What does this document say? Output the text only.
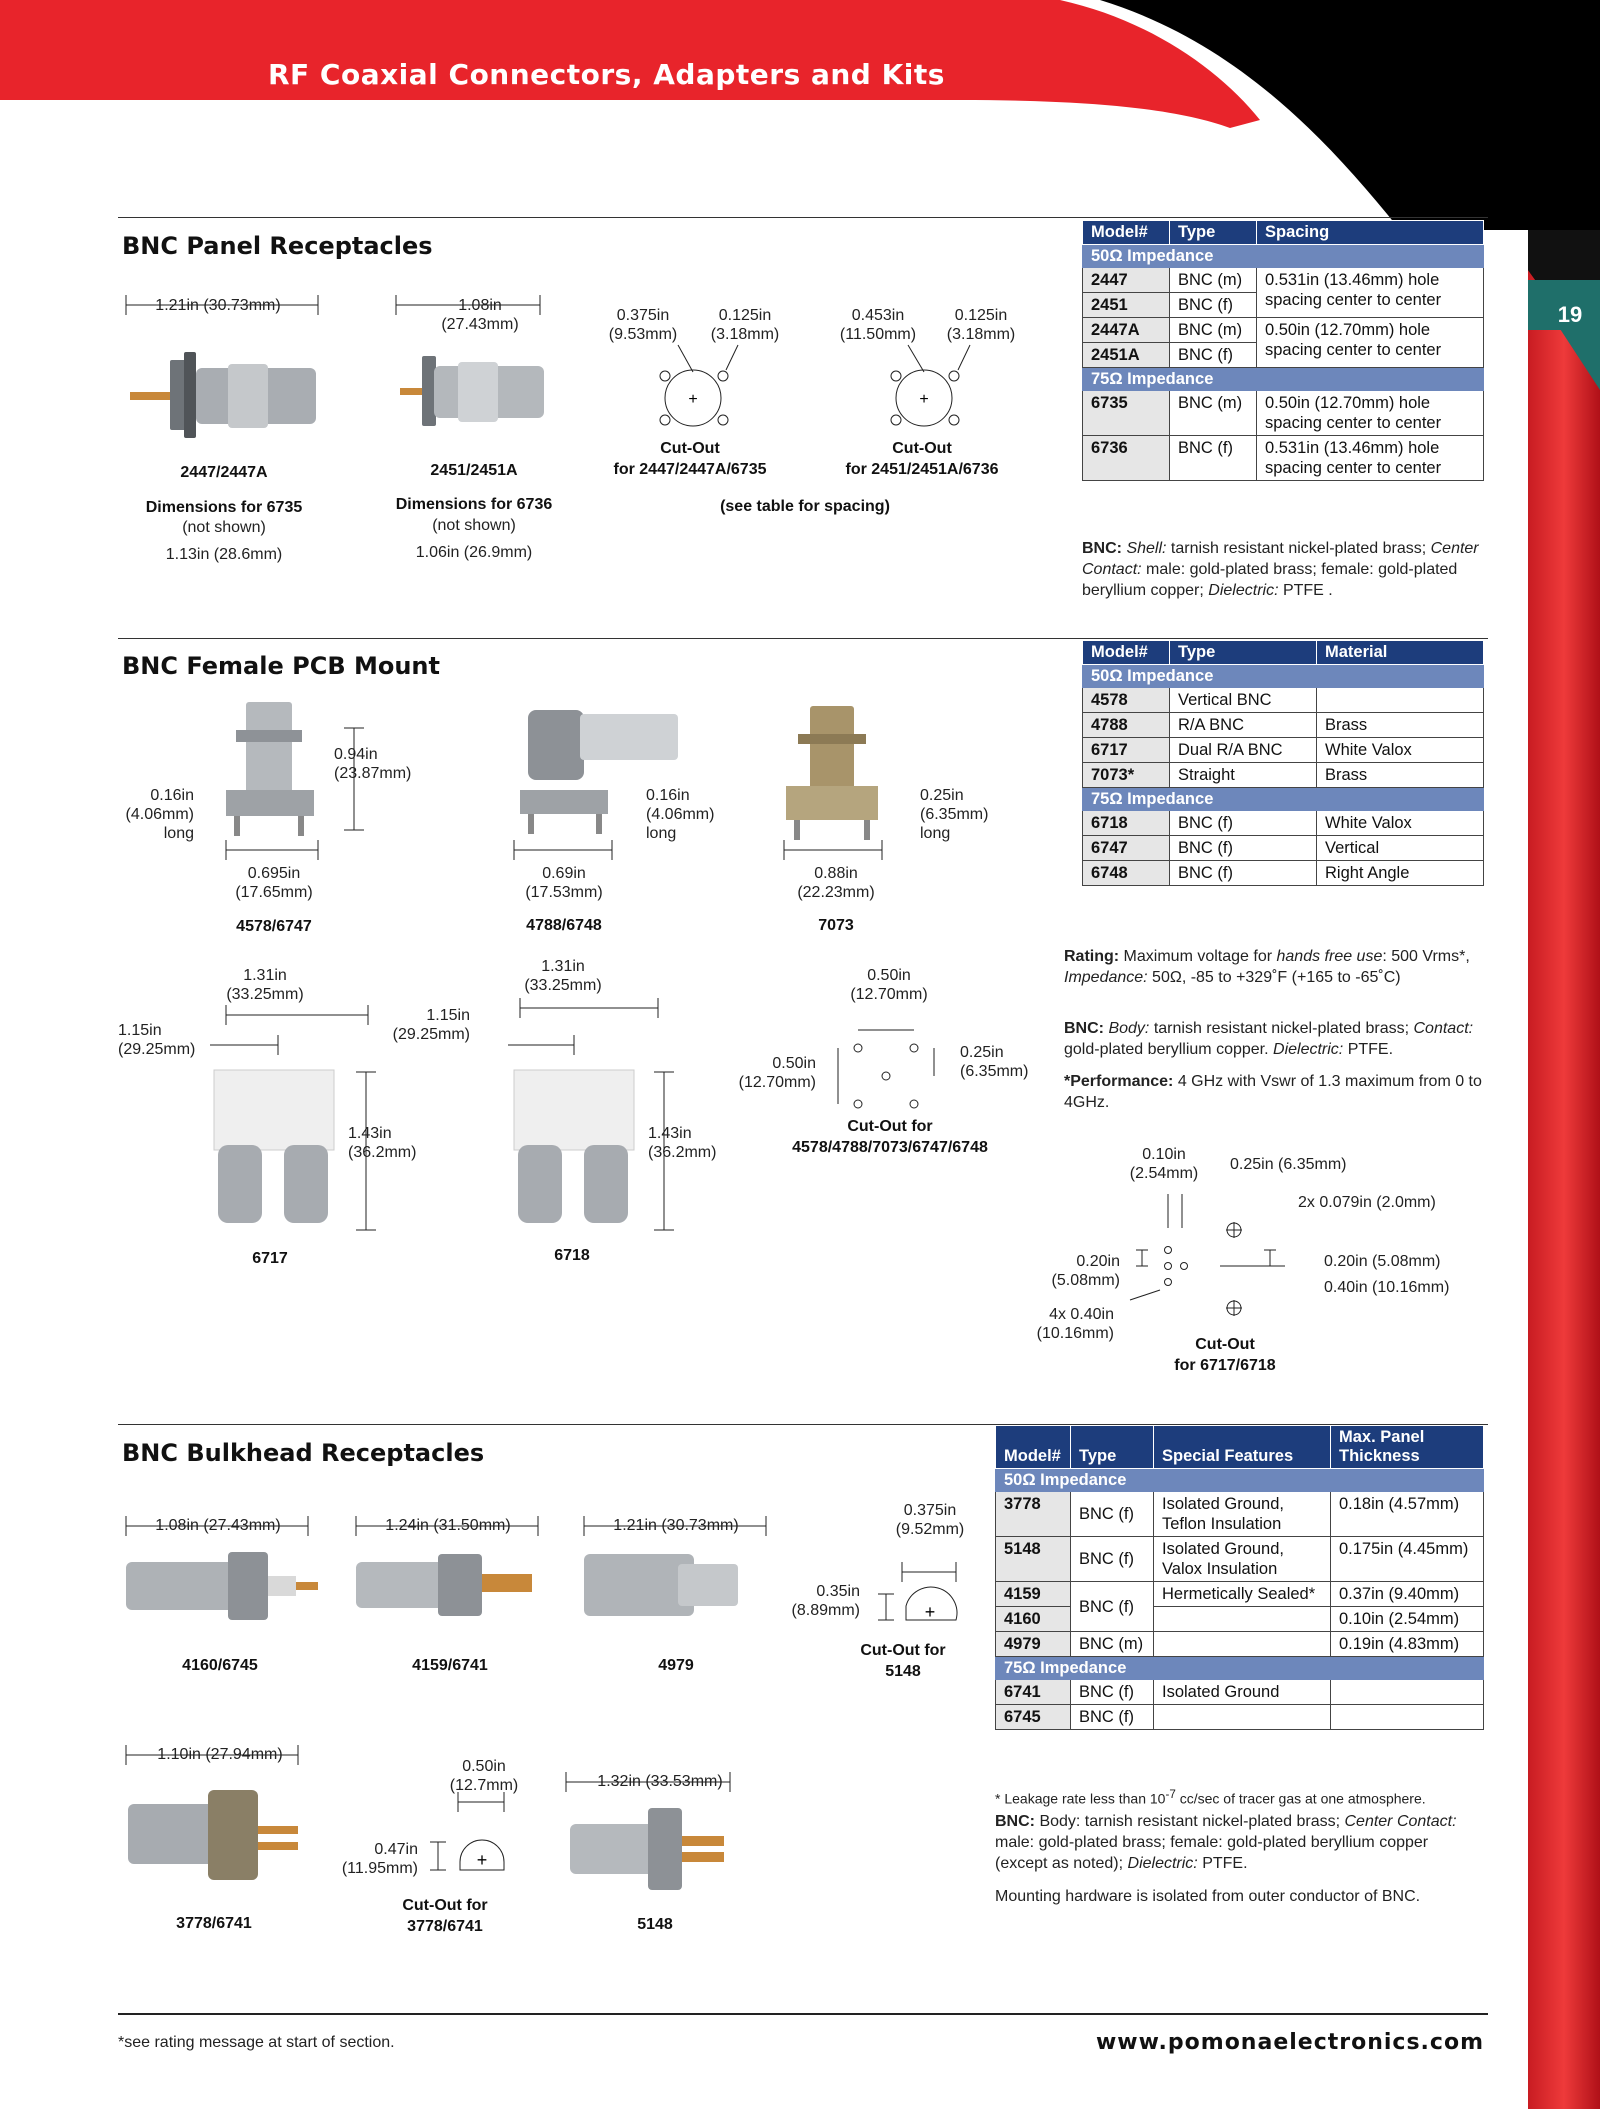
RF Coaxial Connectors, Adapters and Kits
19
BNC Panel Receptacles
+	+
1.21in (30.73mm)	1.08in
(27.43mm)
0.375in
(9.53mm)
0.125in
(3.18mm)
0.453in
(11.50mm)
0.125in
(3.18mm)
2447/2447A
Dimensions for 6735
(not shown)
1.13in (28.6mm)
2451/2451A
Dimensions for 6736
(not shown)
1.06in (26.9mm)
Cut-Out
for 2447/2447A/6735
Cut-Out
for 2451/2451A/6736
(see table for spacing)
Model#	Type	Spacing
50Ω Impedance		
2447	BNC (m)	0.531in (13.46mm) hole spacing center to center
2451	BNC (f)	
2447A	BNC (m)	0.50in (12.70mm) hole spacing center to center
2451A	BNC (f)	
75Ω Impedance		
6735	BNC (m)	0.50in (12.70mm) hole spacing center to center
6736	BNC (f)	0.531in (13.46mm) hole spacing center to center
BNC: Shell: tarnish resistant nickel-plated brass; Center Contact: male: gold-plated brass; female: gold-plated beryllium copper; Dielectric: PTFE .
BNC Female PCB Mount
0.94in
(23.87mm)
0.16in
(4.06mm)
long
0.695in
(17.65mm)
0.16in
(4.06mm)
long
0.69in
(17.53mm)
0.25in
(6.35mm)
long
0.88in
(22.23mm)
4578/6747	4788/6748	7073
1.31in
(33.25mm)
1.15in
(29.25mm)
1.43in
(36.2mm)
1.31in
(33.25mm)
1.15in
(29.25mm)
1.43in
(36.2mm)
6717	6718
0.50in
(12.70mm)
0.50in
(12.70mm)
0.25in
(6.35mm)
Cut-Out for
4578/4788/7073/6747/6748	0.10in
(2.54mm)
0.25in (6.35mm)
2x 0.079in (2.0mm)
0.20in
(5.08mm)
0.20in (5.08mm)
0.40in (10.16mm)
4x 0.40in
(10.16mm)
Cut-Out
for 6717/6718
Model#	Type	Material
50Ω Impedance		
4578	Vertical BNC	
4788	R/A BNC	Brass
6717	Dual R/A BNC	White Valox
7073*	Straight	Brass
75Ω Impedance		
6718	BNC (f)	White Valox
6747	BNC (f)	Vertical
6748	BNC (f)	Right Angle
Rating: Maximum voltage for hands free use: 500 Vrms*, Impedance: 50Ω, -85 to +329˚F (+165 to -65˚C)
BNC: Body: tarnish resistant nickel-plated brass; Contact: gold-plated beryllium copper. Dielectric: PTFE.
*Performance: 4 GHz with Vswr of 1.3 maximum from 0 to 4GHz.
BNC Bulkhead Receptacles
+
+
1.08in (27.43mm)	1.24in (31.50mm)	1.21in (30.73mm)
0.375in
(9.52mm)
0.35in
(8.89mm)
4160/6745	4159/6741	4979
Cut-Out for
5148
1.10in (27.94mm)
0.50in
(12.7mm)
0.47in
(11.95mm)
1.32in (33.53mm)
3778/6741
Cut-Out for
3778/6741	5148
Model#	Type	Special Features	Max. Panel Thickness
50Ω Impedance			
3778	BNC (f)	Isolated Ground, Teflon Insulation	0.18in (4.57mm)
5148	BNC (f)	Isolated Ground, Valox Insulation	0.175in (4.45mm)
4159	BNC (f)	Hermetically Sealed*	0.37in (9.40mm)
4160			0.10in (2.54mm)
4979	BNC (m)		0.19in (4.83mm)
75Ω Impedance			
6741	BNC (f)	Isolated Ground	
6745	BNC (f)		
* Leakage rate less than $10^{-7}$ cc/sec of tracer gas at one atmosphere.
BNC: Body: tarnish resistant nickel-plated brass; Center Contact: male: gold-plated brass; female: gold-plated beryllium copper (except as noted); Dielectric: PTFE.
Mounting hardware is isolated from outer conductor of BNC.
*see rating message at start of section.	www.pomonaelectronics.com
